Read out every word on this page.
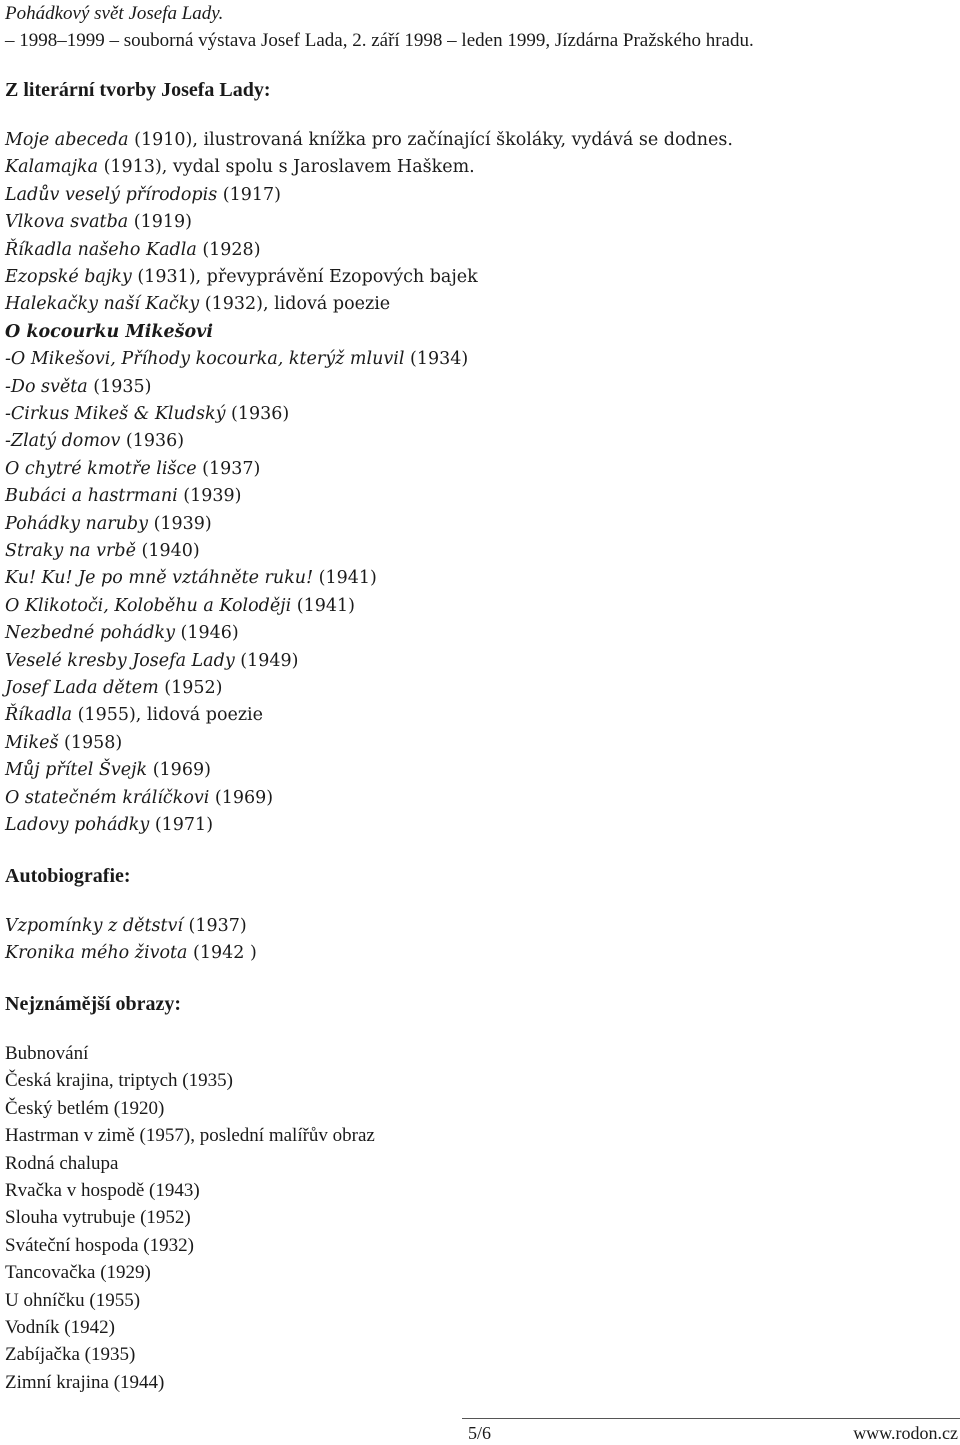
Pohádkový svět Josefa Lady.
– 1998–1999 – souborná výstava Josef Lada, 2. září 1998 – leden 1999, Jízdárna Pražského hradu.
Z literární tvorby Josefa Lady:
Moje abeceda (1910), ilustrovaná knížka pro začínající školáky, vydává se dodnes.
Kalamajka (1913), vydal spolu s Jaroslavem Haškem.
Ladův veselý přírodopis (1917)
Vlkova svatba (1919)
Říkadla našeho Kadla (1928)
Ezopské bajky (1931), převyprávění Ezopových bajek
Halekačky naší Kačky (1932), lidová poezie
O kocourku Mikešovi
-O Mikešovi, Příhody kocourka, kterýž mluvil (1934)
-Do světa (1935)
-Cirkus Mikeš & Kludský (1936)
-Zlatý domov (1936)
O chytré kmotře lišce (1937)
Bubáci a hastrmani (1939)
Pohádky naruby (1939)
Straky na vrbě (1940)
Ku! Ku! Je po mně vztáhněte ruku! (1941)
O Klikotoči, Koloběhu a Koloději (1941)
Nezbedné pohádky (1946)
Veselé kresby Josefa Lady (1949)
Josef Lada dětem (1952)
Říkadla (1955), lidová poezie
Mikeš (1958)
Můj přítel Švejk (1969)
O statečném králíčkovi (1969)
Ladovy pohádky (1971)
Autobiografie:
Vzpomínky z dětství (1937)
Kronika mého života (1942 )
Nejznámější obrazy:
Bubnování
Česká krajina, triptych (1935)
Český betlém (1920)
Hastrman v zimě (1957), poslední malířův obraz
Rodná chalupa
Rvačka v hospodě (1943)
Slouha vytrubuje (1952)
Sváteční hospoda (1932)
Tancovačka (1929)
U ohníčku (1955)
Vodník (1942)
Zabíjačka (1935)
Zimní krajina (1944)
5/6	www.rodon.cz
